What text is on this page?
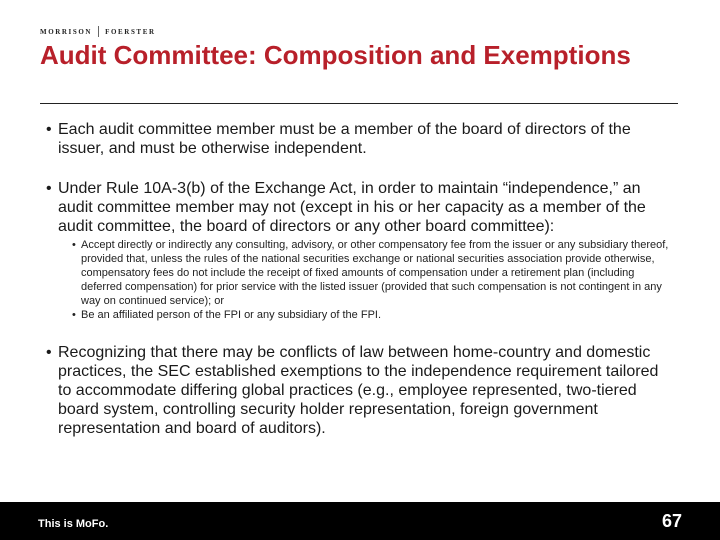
MORRISON FOERSTER
Audit Committee: Composition and Exemptions
• Each audit committee member must be a member of the board of directors of the issuer, and must be otherwise independent.
• Under Rule 10A-3(b) of the Exchange Act, in order to maintain “independence,” an audit committee member may not (except in his or her capacity as a member of the audit committee, the board of directors or any other board committee):
• Accept directly or indirectly any consulting, advisory, or other compensatory fee from the issuer or any subsidiary thereof, provided that, unless the rules of the national securities exchange or national securities association provide otherwise, compensatory fees do not include the receipt of fixed amounts of compensation under a retirement plan (including deferred compensation) for prior service with the listed issuer (provided that such compensation is not contingent in any way on continued service); or
• Be an affiliated person of the FPI or any subsidiary of the FPI.
• Recognizing that there may be conflicts of law between home-country and domestic practices, the SEC established exemptions to the independence requirement tailored to accommodate differing global practices (e.g., employee represented, two-tiered board system, controlling security holder representation, foreign government representation and board of auditors).
This is MoFo.	67
